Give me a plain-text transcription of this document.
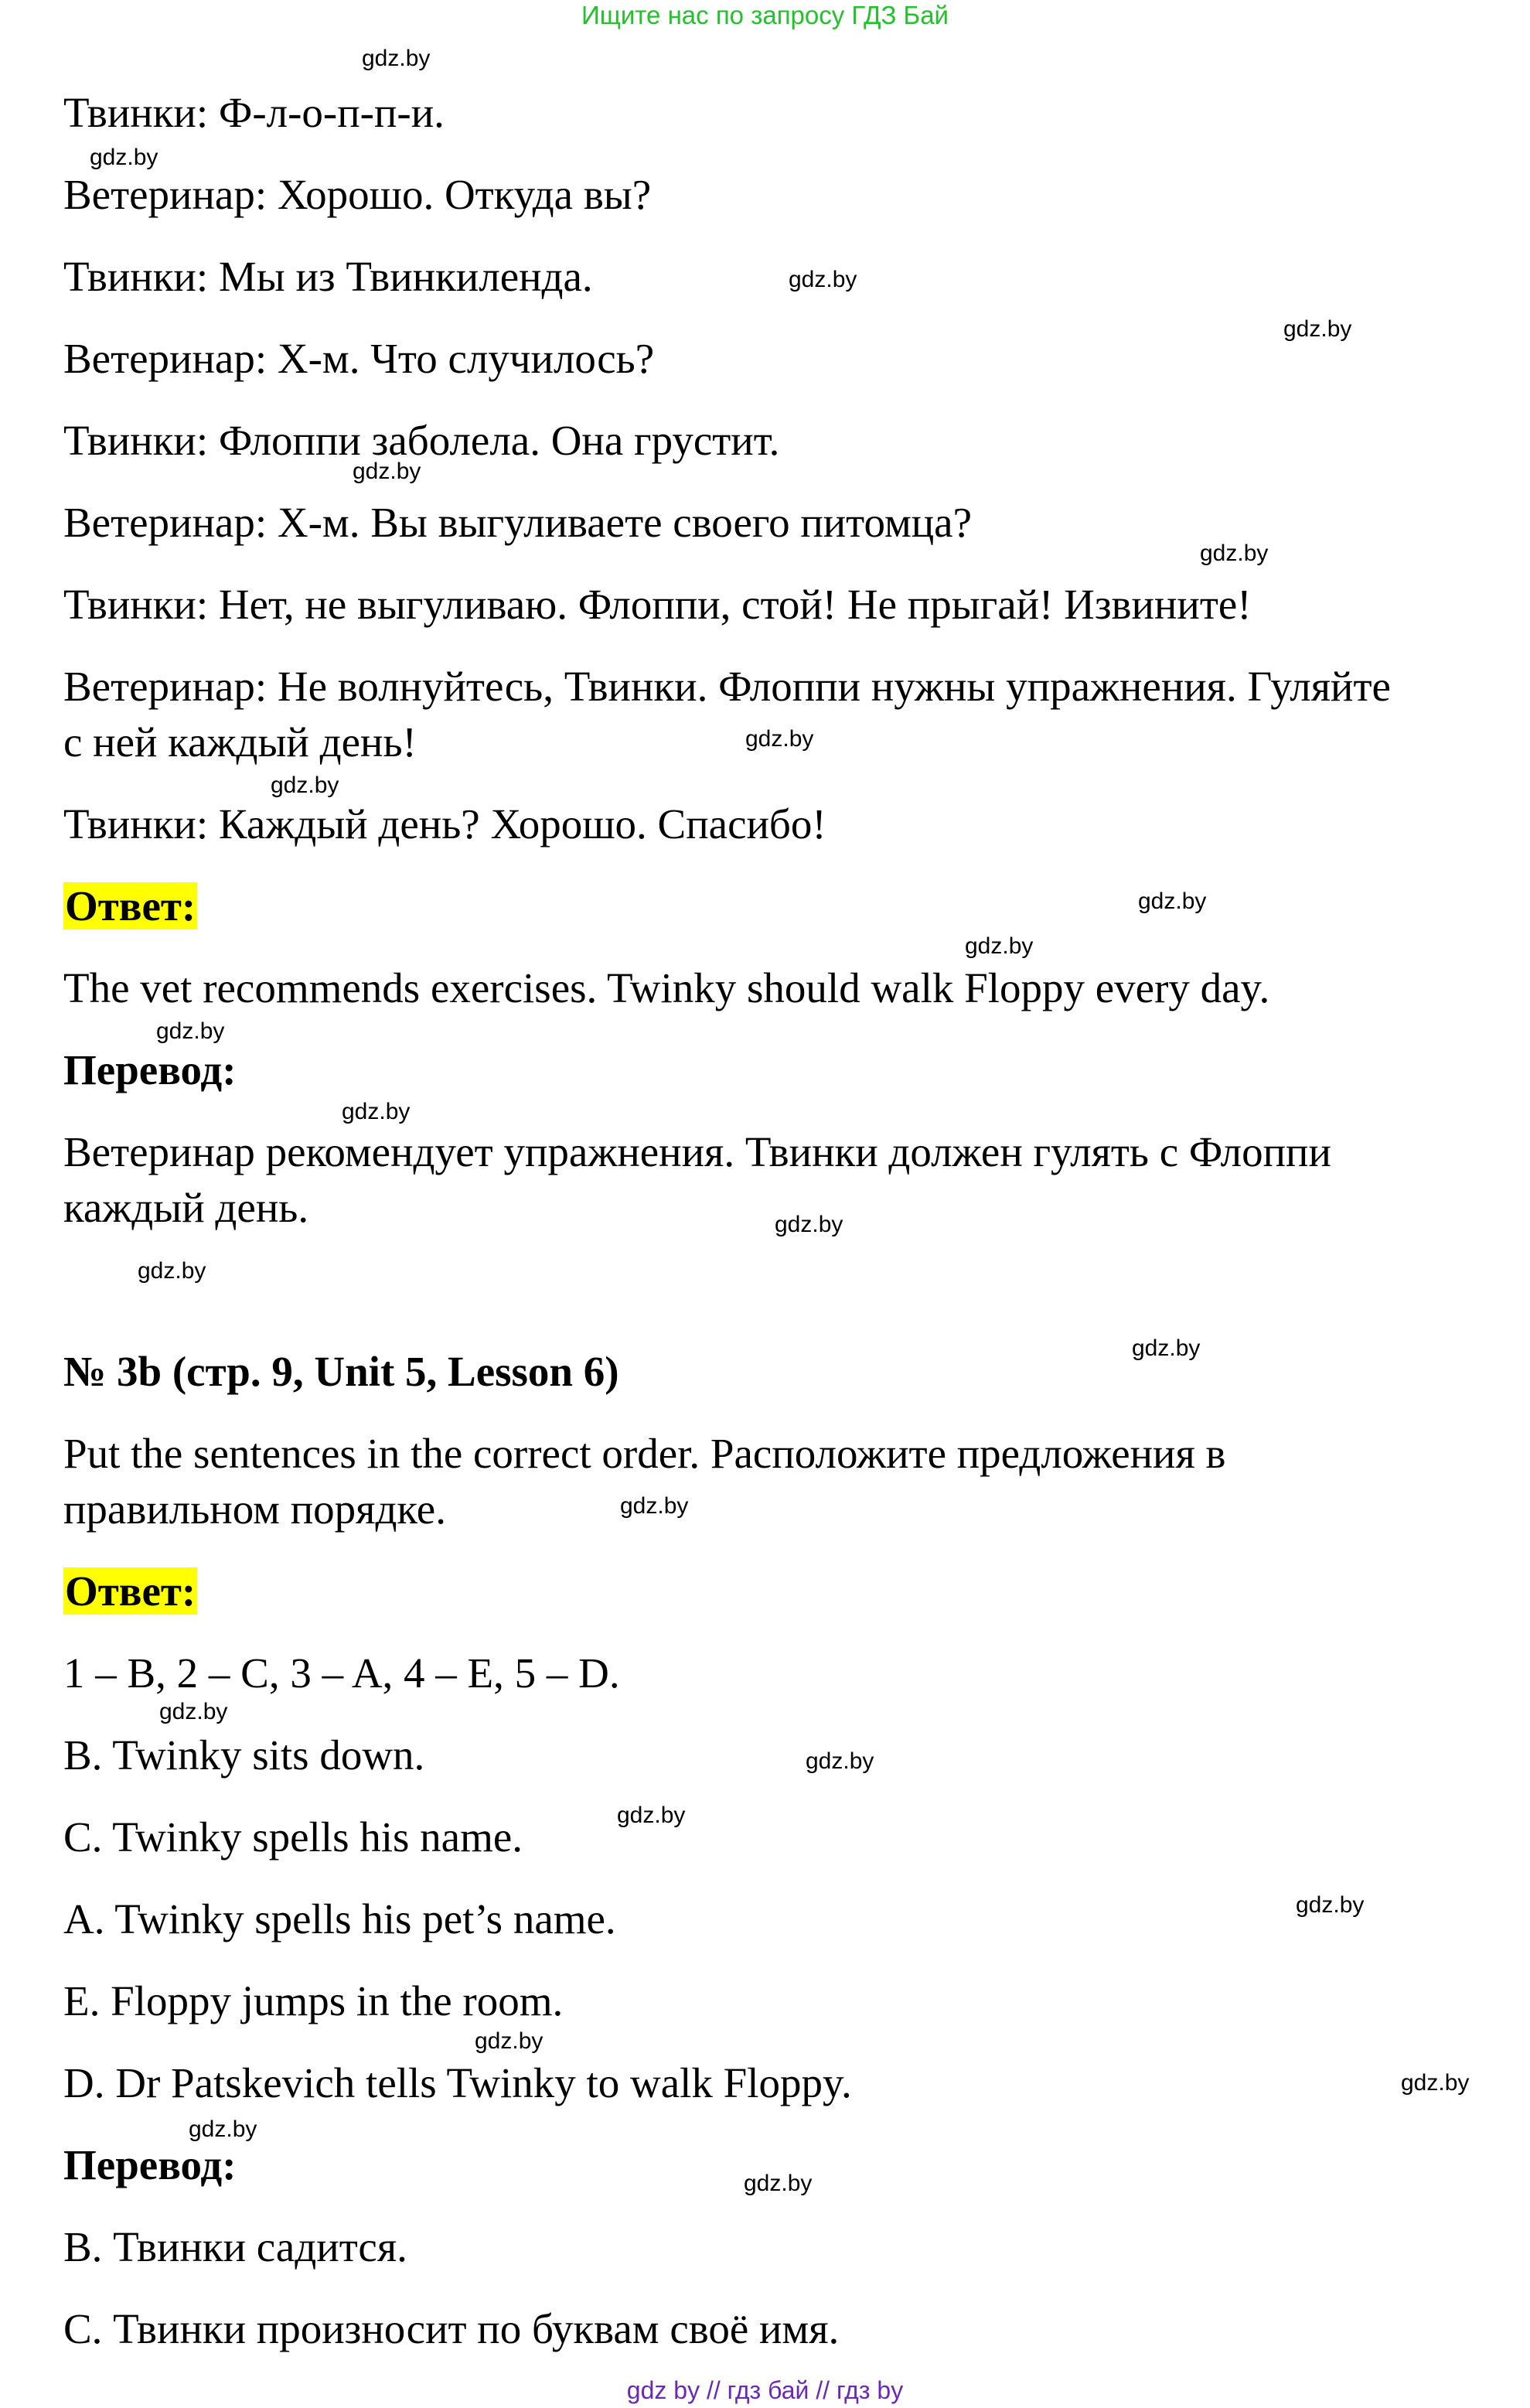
Ищите нас по запросу ГДЗ Бай
Твинки: Ф-л-о-п-п-и.
Ветеринар: Хорошо. Откуда вы?
Твинки: Мы из Твинкиленда.
Ветеринар: Х-м. Что случилось?
Твинки: Флоппи заболела. Она грустит.
Ветеринар: Х-м. Вы выгуливаете своего питомца?
Твинки: Нет, не выгуливаю. Флоппи, стой! Не прыгай! Извините!
Ветеринар: Не волнуйтесь, Твинки. Флоппи нужны упражнения. Гуляйте
с ней каждый день!
Твинки: Каждый день? Хорошо. Спасибо!
Ответ:
The vet recommends exercises. Twinky should walk Floppy every day.
Перевод:
Ветеринар рекомендует упражнения. Твинки должен гулять с Флоппи
каждый день.
№ 3b (стр. 9, Unit 5, Lesson 6)
Put the sentences in the correct order. Расположите предложения в
правильном порядке.
Ответ:
1 – B, 2 – C, 3 – A, 4 – E, 5 – D.
B. Twinky sits down.
C. Twinky spells his name.
A. Twinky spells his pet’s name.
E. Floppy jumps in the room.
D. Dr Patskevich tells Twinky to walk Floppy.
Перевод:
B. Твинки садится.
C. Твинки произносит по буквам своё имя.
gdz.by
gdz.by
gdz.by
gdz.by
gdz.by
gdz.by
gdz.by
gdz.by
gdz.by
gdz.by
gdz.by
gdz.by
gdz.by
gdz.by
gdz.by
gdz.by
gdz.by
gdz.by
gdz.by
gdz.by
gdz.by
gdz.by
gdz.by
gdz.by
gdz by // гдз бай // гдз by
